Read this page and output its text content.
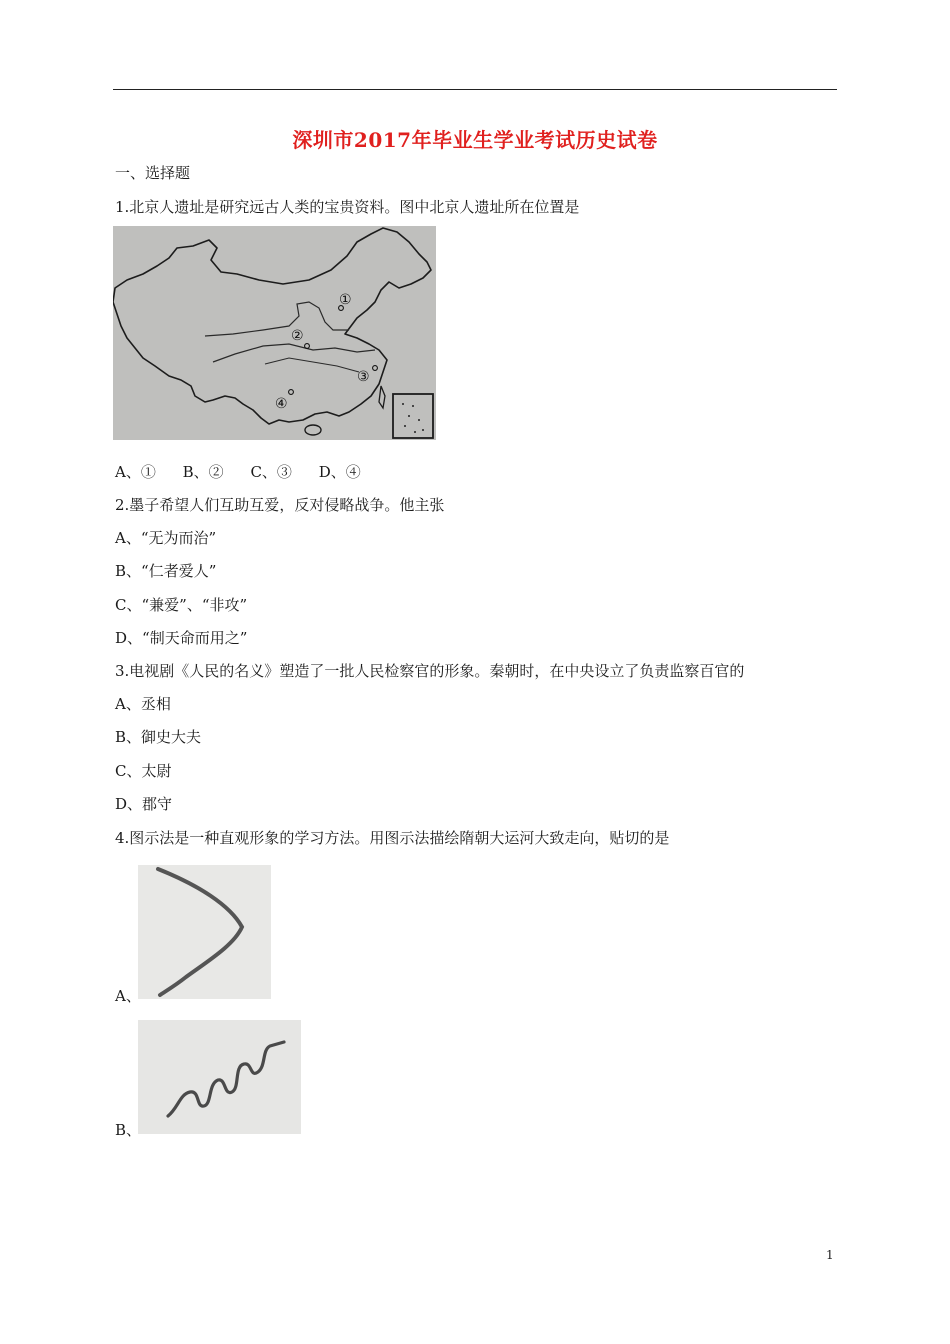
深圳市2017年毕业生学业考试历史试卷
一、选择题
1.北京人遗址是研究远古人类的宝贵资料。图中北京人遗址所在位置是
①
②
③
④
A、① B、② C、③ D、④
2.墨子希望人们互助互爱，反对侵略战争。他主张
A、“无为而治”
B、“仁者爱人”
C、“兼爱”、“非攻”
D、“制天命而用之”
3.电视剧《人民的名义》塑造了一批人民检察官的形象。秦朝时，在中央设立了负责监察百官的
A、丞相
B、御史大夫
C、太尉
D、郡守
4.图示法是一种直观形象的学习方法。用图示法描绘隋朝大运河大致走向，贴切的是
A、
B、
1
